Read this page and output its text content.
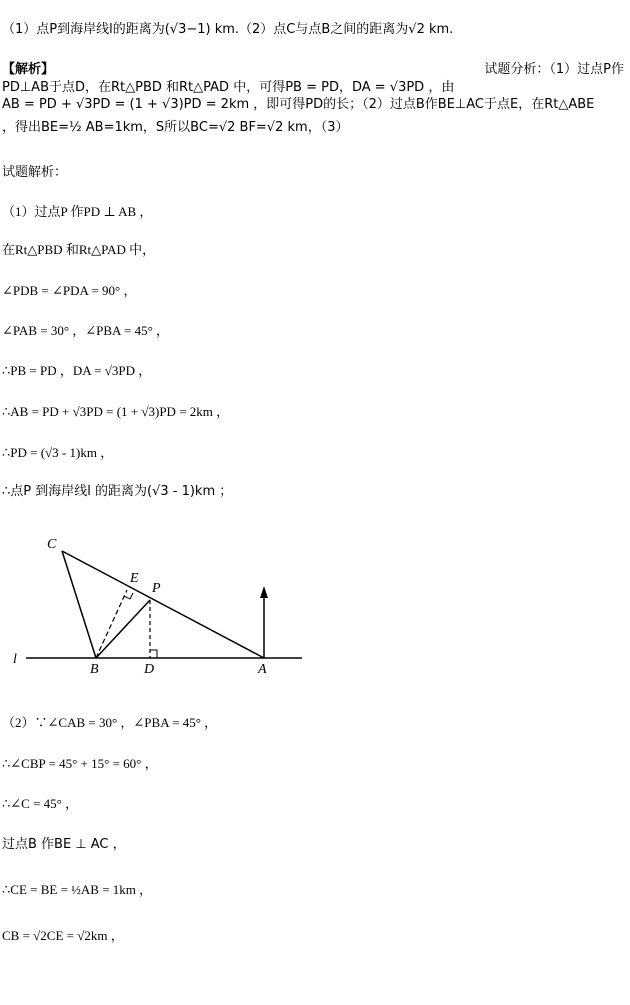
（1）点P到海岸线l的距离为(√3−1) km.（2）点C与点B之间的距离为√2 km.
【解析】	试题分析：（1）过点P作
PD⊥AB于点D，在Rt△PBD 和Rt△PAD 中，可得PB = PD，DA = √3PD ，由
AB = PD + √3PD = (1 + √3)PD = 2km ，即可得PD的长；（2）过点B作BE⊥AC于点E，在Rt△ABE
，得出BE=½ AB=1km，S所以BC=√2 BF=√2 km，（3）
试题解析：
（1）过点P 作PD ⊥ AB ，
在Rt△PBD 和Rt△PAD 中，
∠PDB = ∠PDA = 90° ，
∠PAB = 30° ，∠PBA = 45° ，
∴PB = PD ，DA = √3PD ，
∴AB = PD + √3PD = (1 + √3)PD = 2km ，
∴PD = (√3 - 1)km ，
∴点P 到海岸线l 的距离为(√3 - 1)km ；
C
E
P
l
B	D	A
（2）∵∠CAB = 30° ，∠PBA = 45° ，
∴∠CBP = 45° + 15° = 60° ，
∴∠C = 45° ，
过点B 作BE ⊥ AC ，
∴CE = BE = ½AB = 1km ，
CB = √2CE = √2km ，
